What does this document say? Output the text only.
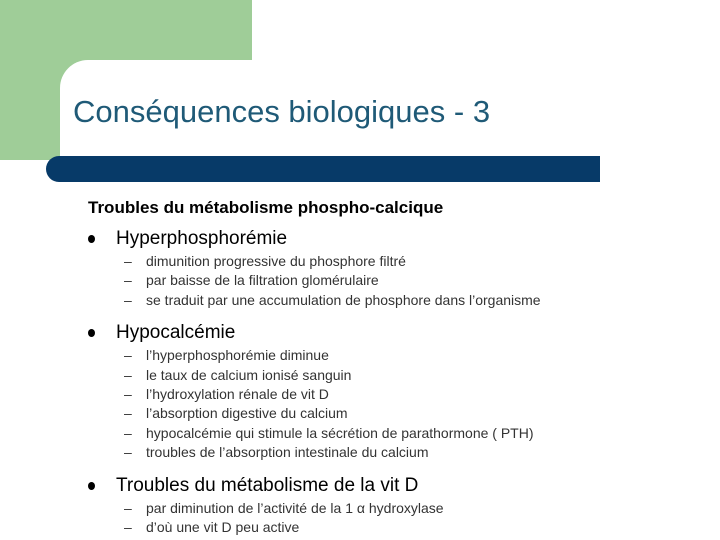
Conséquences biologiques - 3
Troubles du métabolisme phospho-calcique
Hyperphosphorémie
– dimunition progressive du phosphore filtré
– par baisse de la filtration glomérulaire
– se traduit par une accumulation de phosphore dans l’organisme
Hypocalcémie
– l’hyperphosphorémie diminue
– le taux de calcium ionisé sanguin
– l’hydroxylation rénale de vit D
– l’absorption digestive du calcium
– hypocalcémie qui stimule la sécrétion de parathormone ( PTH)
– troubles de l’absorption intestinale du calcium
Troubles du métabolisme de la vit D
– par diminution de l’activité de la 1 α hydroxylase
– d’où une vit D peu active
